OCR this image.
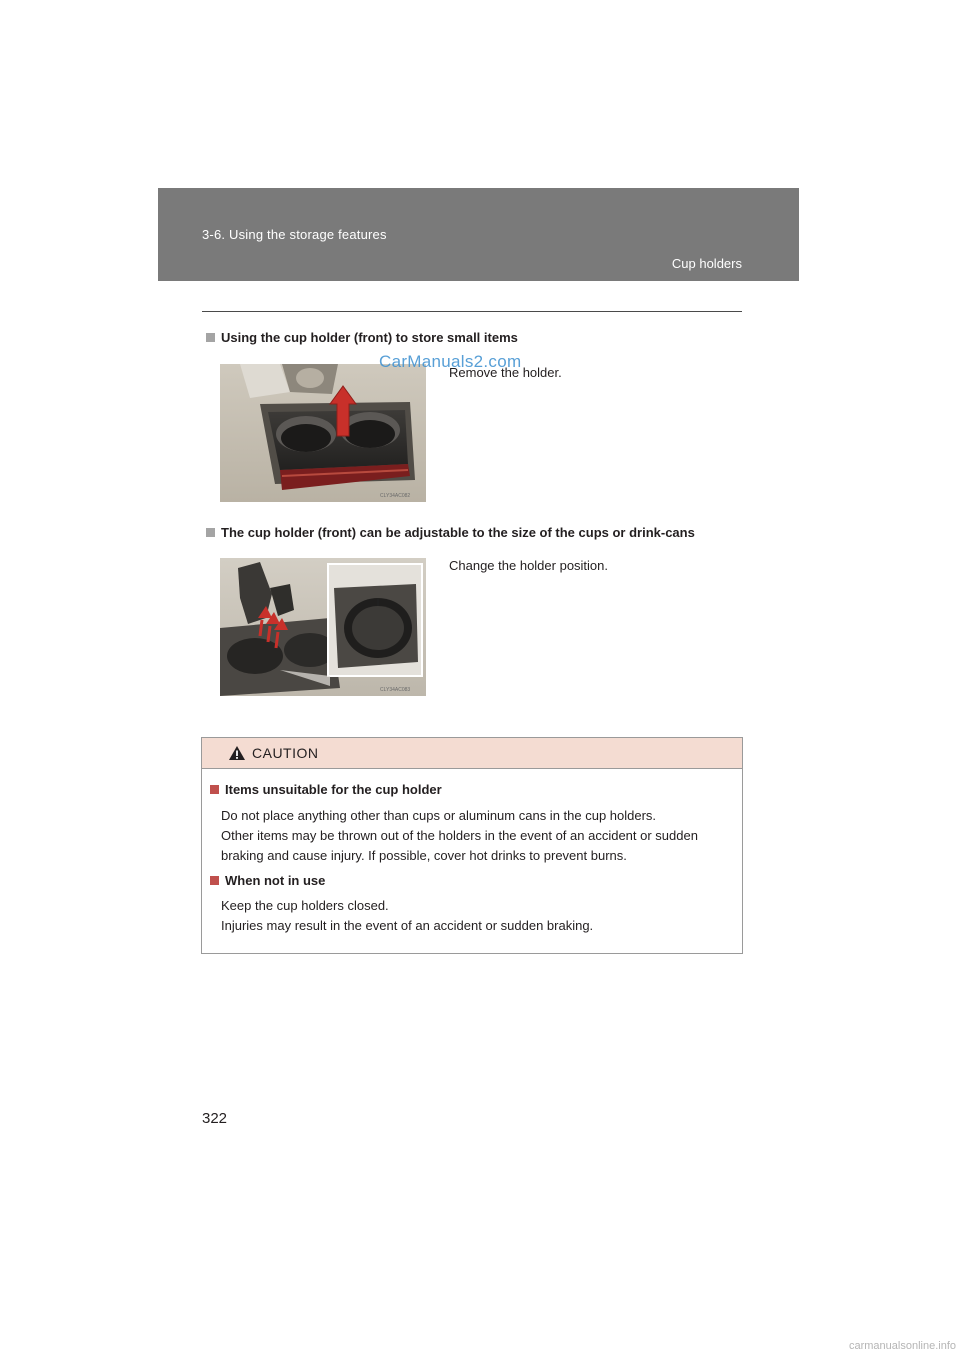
3-6. Using the storage features
Cup holders
Using the cup holder (front) to store small items
CLY34AC082
Remove the holder.
CarManuals2.com
The cup holder (front) can be adjustable to the size of the cups or drink-cans
CLY34AC083
Change the holder position.
CAUTION
Items unsuitable for the cup holder
Do not place anything other than cups or aluminum cans in the cup holders.
Other items may be thrown out of the holders in the event of an accident or sudden
braking and cause injury. If possible, cover hot drinks to prevent burns.
When not in use
Keep the cup holders closed.
Injuries may result in the event of an accident or sudden braking.
322
carmanualsonline.info
